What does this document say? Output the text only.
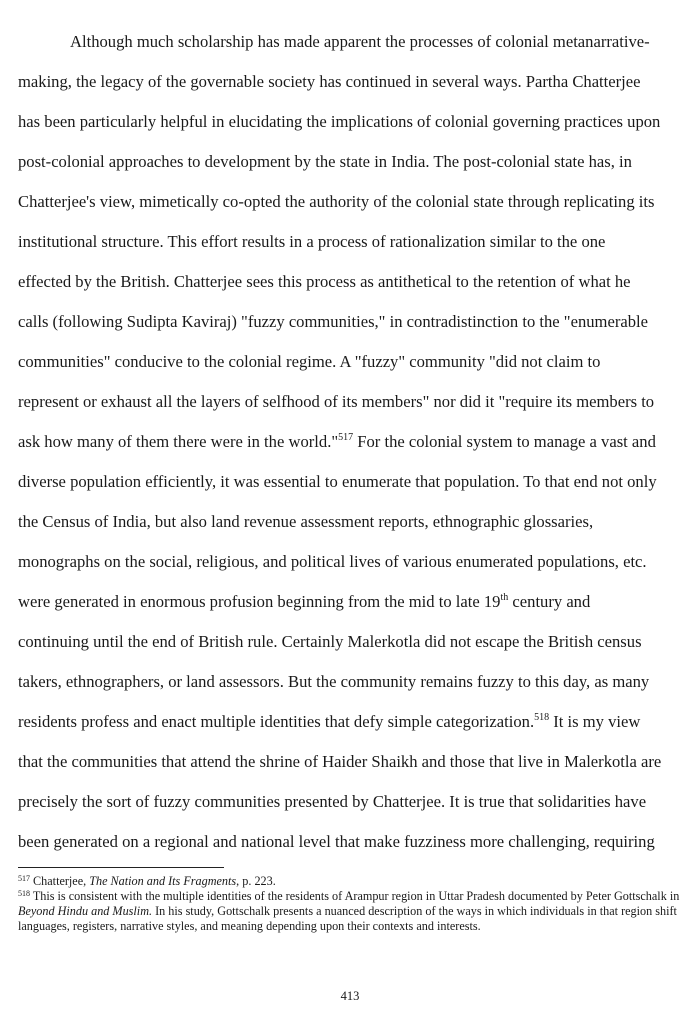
Although much scholarship has made apparent the processes of colonial metanarrative-
making, the legacy of the governable society has continued in several ways. Partha Chatterjee
has been particularly helpful in elucidating the implications of colonial governing practices upon
post-colonial approaches to development by the state in India. The post-colonial state has, in
Chatterjee's view, mimetically co-opted the authority of the colonial state through replicating its
institutional structure. This effort results in a process of rationalization similar to the one
effected by the British. Chatterjee sees this process as antithetical to the retention of what he
calls (following Sudipta Kaviraj) "fuzzy communities," in contradistinction to the "enumerable
communities" conducive to the colonial regime. A "fuzzy" community "did not claim to
represent or exhaust all the layers of selfhood of its members" nor did it "require its members to
ask how many of them there were in the world."$^{517}$ For the colonial system to manage a vast and
diverse population efficiently, it was essential to enumerate that population. To that end not only
the Census of India, but also land revenue assessment reports, ethnographic glossaries,
monographs on the social, religious, and political lives of various enumerated populations, etc.
were generated in enormous profusion beginning from the mid to late 19th century and
continuing until the end of British rule. Certainly Malerkotla did not escape the British census
takers, ethnographers, or land assessors. But the community remains fuzzy to this day, as many
residents profess and enact multiple identities that defy simple categorization.$^{518}$ It is my view
that the communities that attend the shrine of Haider Shaikh and those that live in Malerkotla are
precisely the sort of fuzzy communities presented by Chatterjee. It is true that solidarities have
been generated on a regional and national level that make fuzziness more challenging, requiring

$^{517}$ Chatterjee, The Nation and Its Fragments, p. 223.

$^{518}$ This is consistent with the multiple identities of the residents of Arampur region in Uttar Pradesh documented by Peter Gottschalk in Beyond Hindu and Muslim. In his study, Gottschalk presents a nuanced description of the ways in which individuals in that region shift languages, registers, narrative styles, and meaning depending upon their contexts and interests.

413
